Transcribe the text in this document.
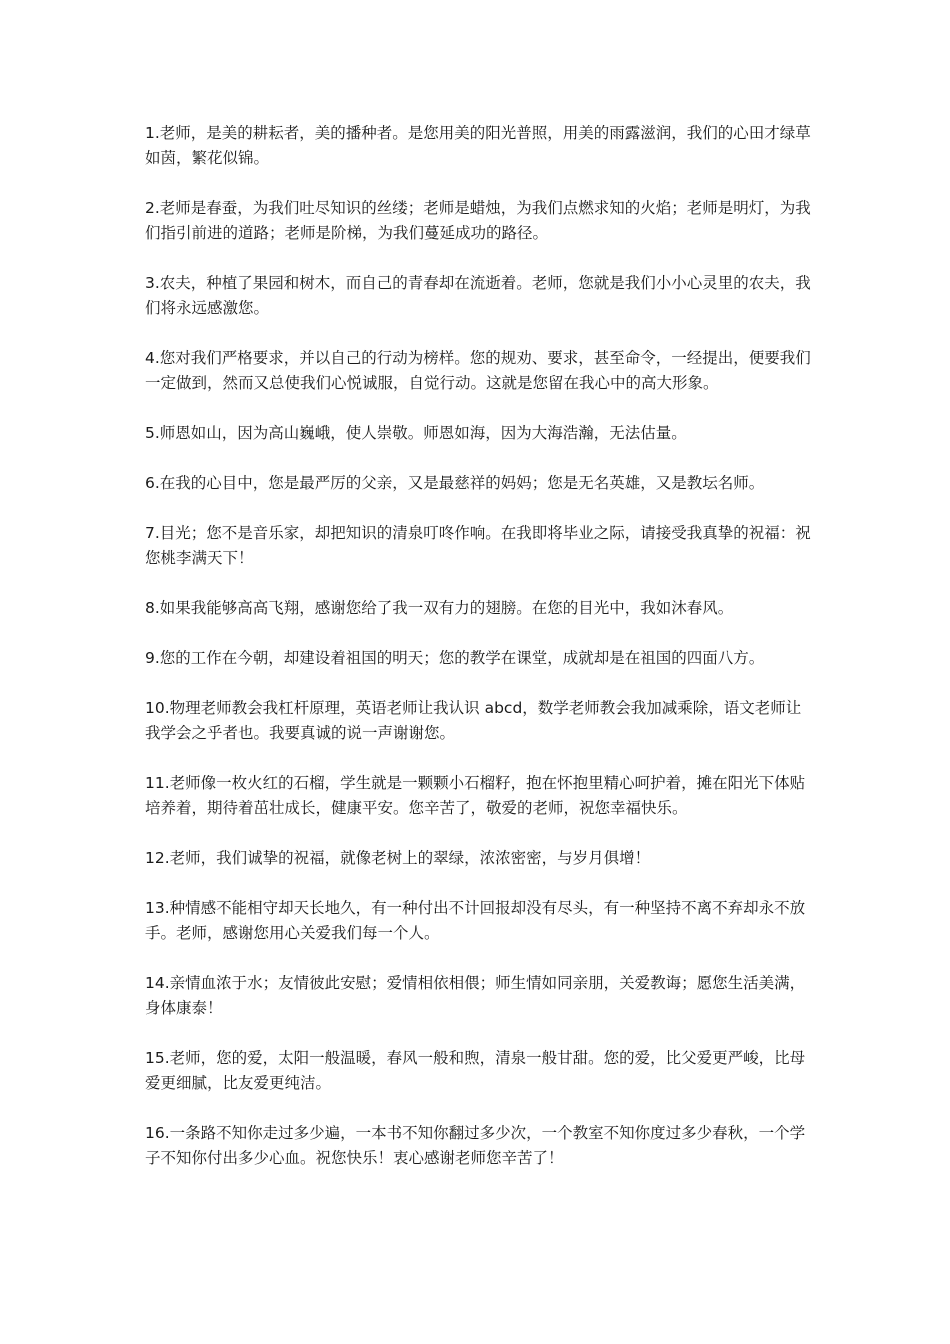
1.老师，是美的耕耘者，美的播种者。是您用美的阳光普照，用美的雨露滋润，我们的心田才绿草如茵，繁花似锦。

2.老师是春蚕，为我们吐尽知识的丝缕；老师是蜡烛，为我们点燃求知的火焰；老师是明灯，为我们指引前进的道路；老师是阶梯，为我们蔓延成功的路径。

3.农夫，种植了果园和树木，而自己的青春却在流逝着。老师，您就是我们小小心灵里的农夫，我们将永远感激您。

4.您对我们严格要求，并以自己的行动为榜样。您的规劝、要求，甚至命令，一经提出，便要我们一定做到，然而又总使我们心悦诚服，自觉行动。这就是您留在我心中的高大形象。

5.师恩如山，因为高山巍峨，使人崇敬。师恩如海，因为大海浩瀚，无法估量。

6.在我的心目中，您是最严厉的父亲，又是最慈祥的妈妈；您是无名英雄，又是教坛名师。

7.目光；您不是音乐家，却把知识的清泉叮咚作响。在我即将毕业之际，请接受我真挚的祝福：祝您桃李满天下！

8.如果我能够高高飞翔，感谢您给了我一双有力的翅膀。在您的目光中，我如沐春风。

9.您的工作在今朝，却建设着祖国的明天；您的教学在课堂，成就却是在祖国的四面八方。

10.物理老师教会我杠杆原理，英语老师让我认识 abcd，数学老师教会我加减乘除，语文老师让我学会之乎者也。我要真诚的说一声谢谢您。

11.老师像一枚火红的石榴，学生就是一颗颗小石榴籽，抱在怀抱里精心呵护着，摊在阳光下体贴培养着，期待着茁壮成长，健康平安。您辛苦了，敬爱的老师，祝您幸福快乐。

12.老师，我们诚挚的祝福，就像老树上的翠绿，浓浓密密，与岁月俱增！

13.种情感不能相守却天长地久，有一种付出不计回报却没有尽头，有一种坚持不离不弃却永不放手。老师，感谢您用心关爱我们每一个人。

14.亲情血浓于水；友情彼此安慰；爱情相依相偎；师生情如同亲朋，关爱教诲；愿您生活美满，身体康泰！

15.老师，您的爱，太阳一般温暖，春风一般和煦，清泉一般甘甜。您的爱，比父爱更严峻，比母爱更细腻，比友爱更纯洁。

16.一条路不知你走过多少遍，一本书不知你翻过多少次，一个教室不知你度过多少春秋，一个学子不知你付出多少心血。祝您快乐！衷心感谢老师您辛苦了！
